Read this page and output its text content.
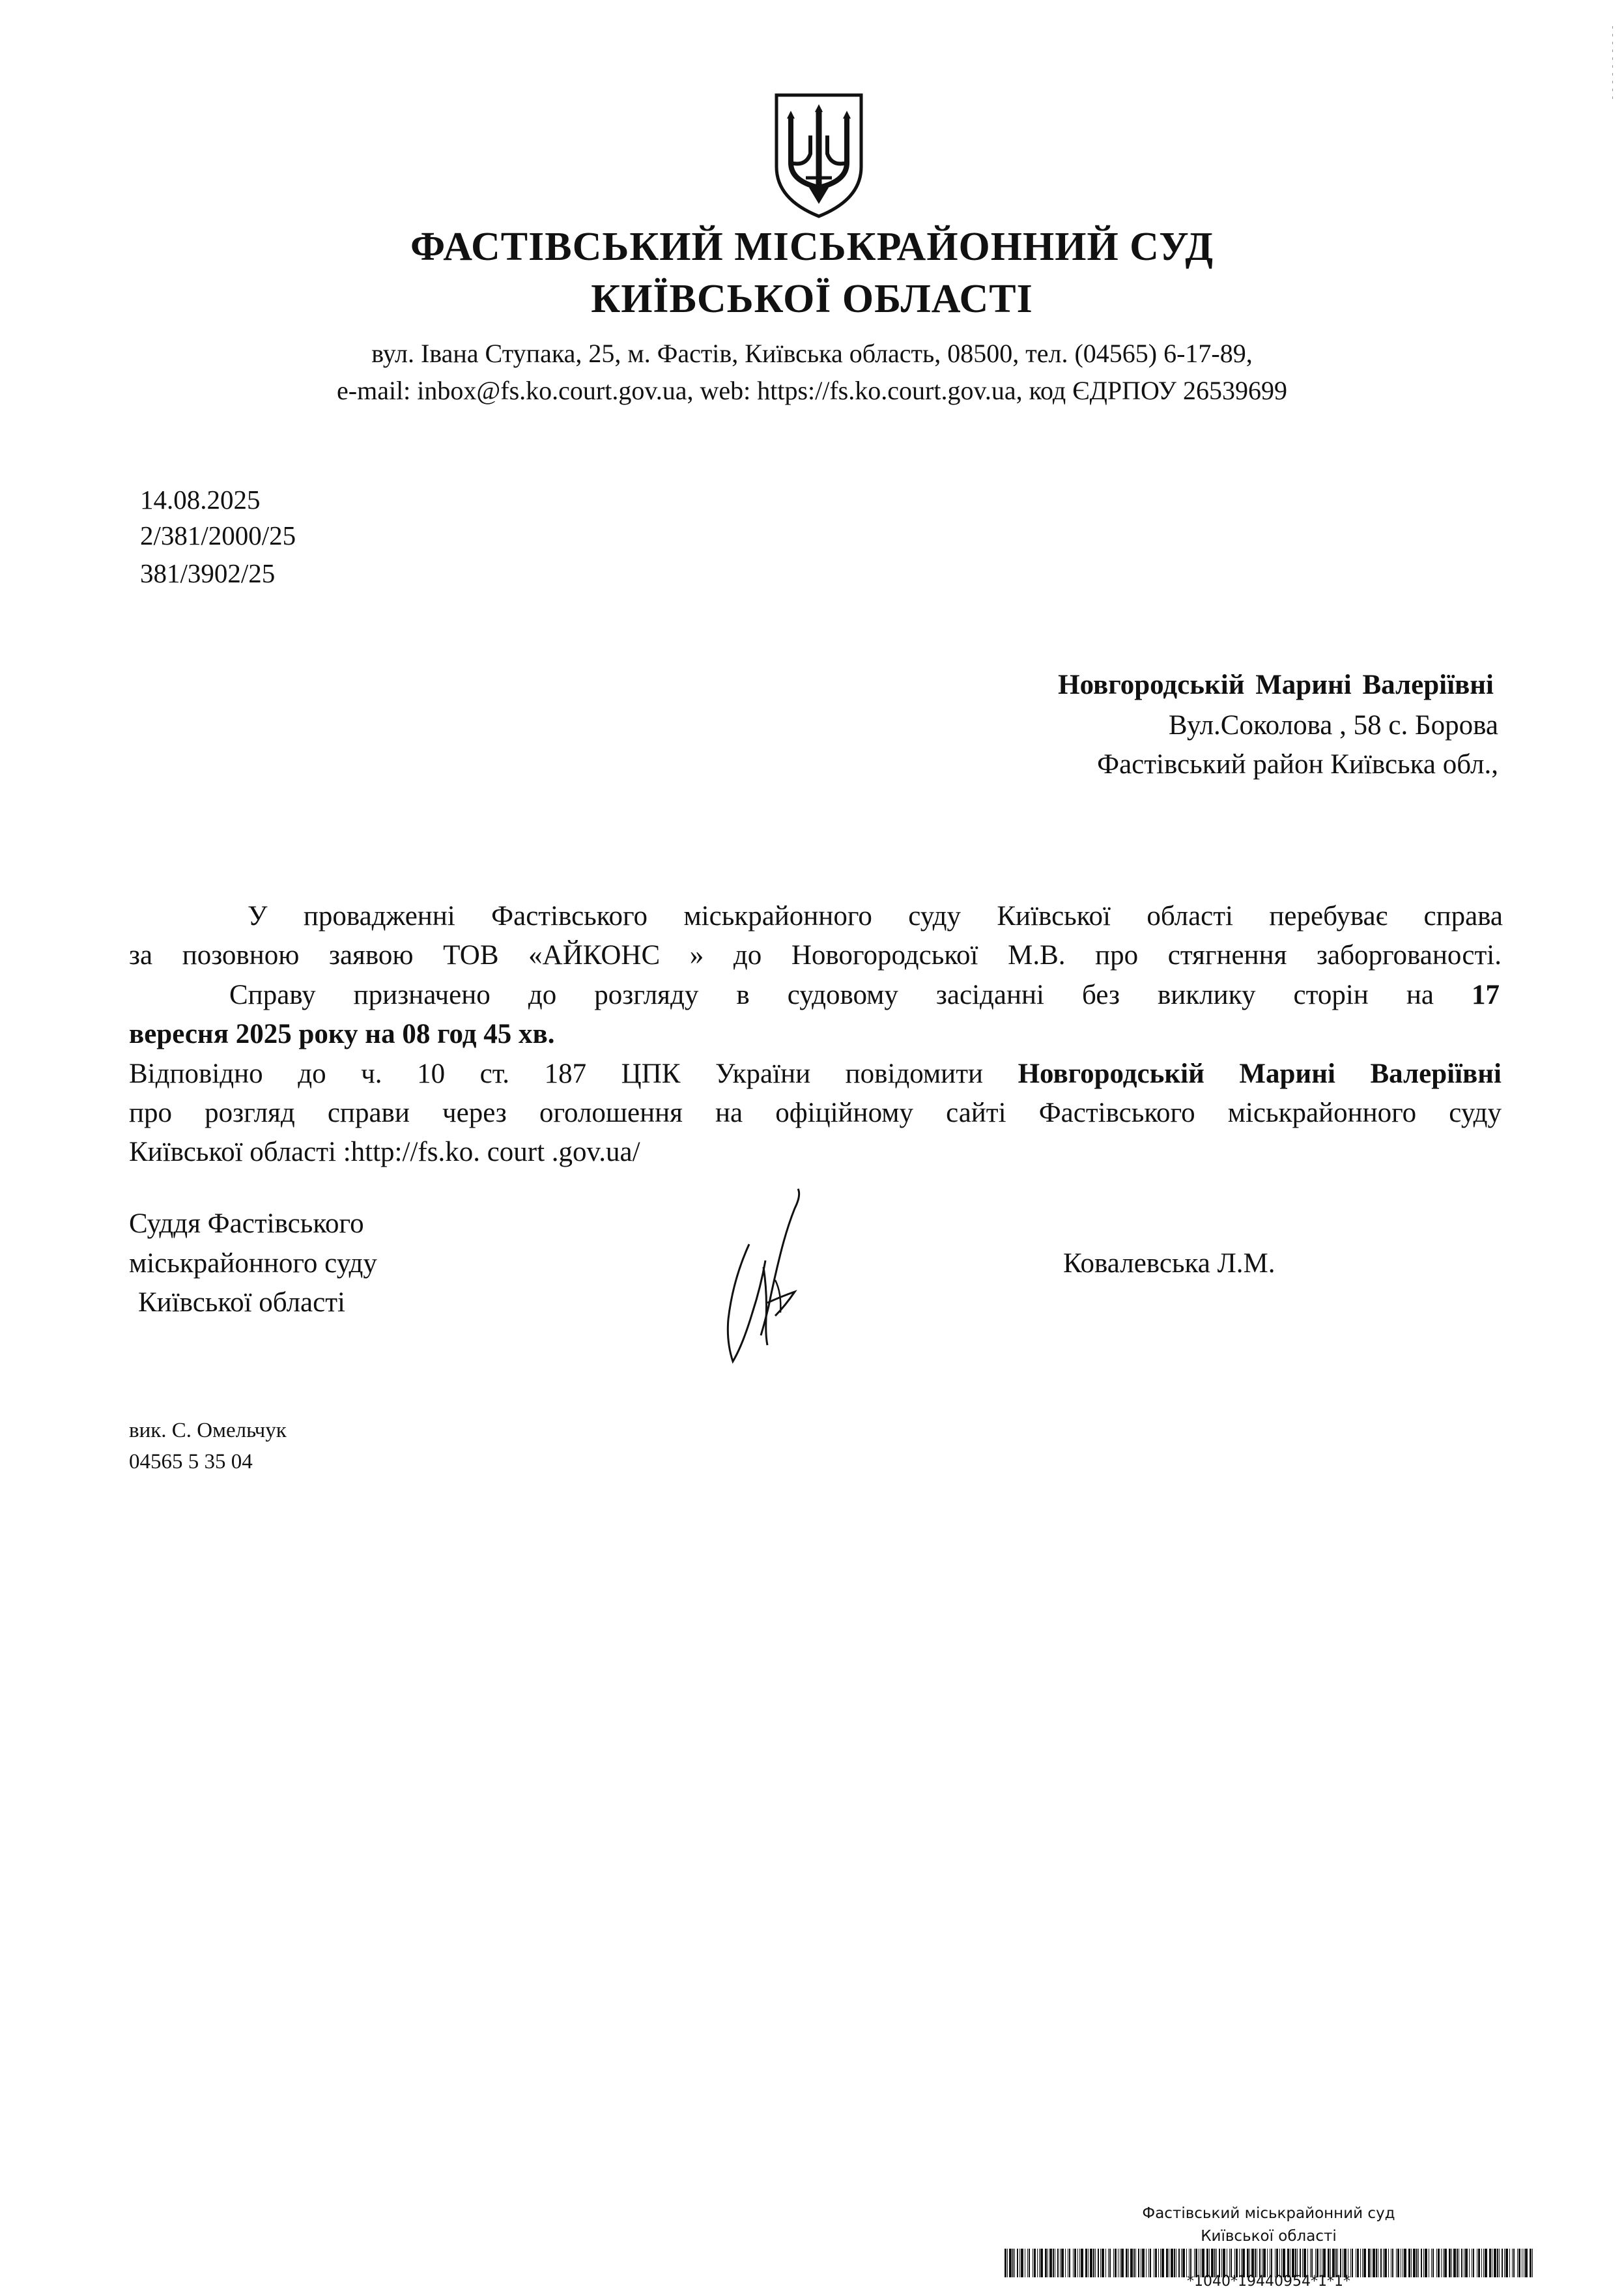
ФАСТІВСЬКИЙ МІСЬКРАЙОННИЙ СУД
КИЇВСЬКОЇ ОБЛАСТІ
вул. Івана Ступака, 25, м. Фастів, Київська область, 08500, тел. (04565) 6-17-89,
e-mail: inbox@fs.ko.court.gov.ua, web: https://fs.ko.court.gov.ua, код ЄДРПОУ 26539699
14.08.2025
2/381/2000/25
381/3902/25
Новгородській Марині Валеріївні
Вул.Соколова , 58 с. Борова
Фастівський район Київська обл.,
У провадженні Фастівського міськрайонного суду Київської області перебуває справа
за позовною заявою ТОВ «АЙКОНС » до Новогородської М.В. про стягнення заборгованості.
Справу призначено до розгляду в судовому засіданні без виклику сторін на 17
вересня 2025 року на 08 год 45 хв.
Відповідно до ч. 10 ст. 187 ЦПК України повідомити Новгородській Марині Валеріївні
про розгляд справи через оголошення на офіційному сайті Фастівського міськрайонного суду
Київської області :http://fs.ko. court .gov.ua/
Суддя Фастівського
міськрайонного суду
Київської області
Ковалевська Л.М.
вик. С. Омельчук
04565 5 35 04
Фастівський міськрайонний суд
Київської області
*1040*19440954*1*1*
